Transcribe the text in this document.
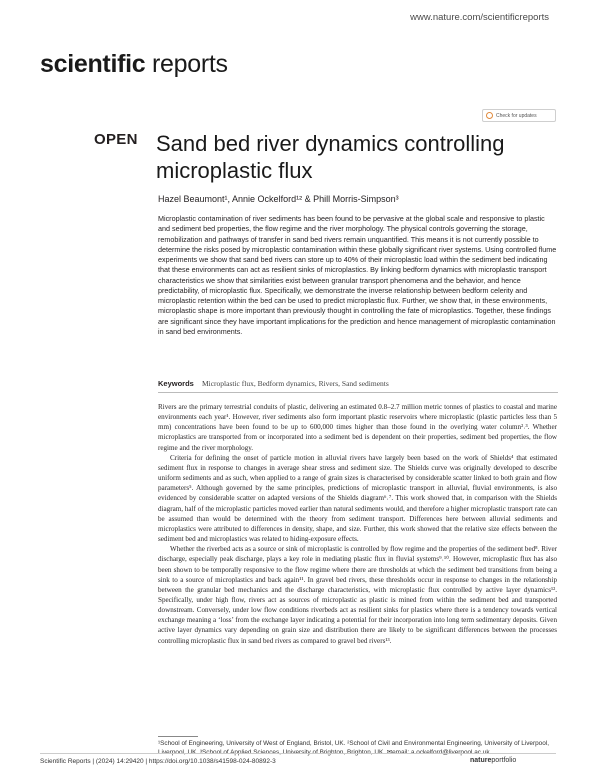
www.nature.com/scientificreports
scientific reports
Check for updates
OPEN Sand bed river dynamics controlling microplastic flux
Hazel Beaumont¹, Annie Ockelford¹² & Phill Morris-Simpson³
Microplastic contamination of river sediments has been found to be pervasive at the global scale and responsive to plastic and sediment bed properties, the flow regime and the river morphology. The physical controls governing the storage, remobilization and pathways of transfer in sand bed rivers remain unquantified. This means it is not currently possible to determine the risks posed by microplastic contamination within these globally significant river systems. Using controlled flume experiments we show that sand bed rivers can store up to 40% of their microplastic load within the sediment bed indicating that these environments can act as resilient sinks of microplastics. By linking bedform dynamics with microplastic transport characteristics we show that similarities exist between granular transport phenomena and the behavior, and hence predictability, of microplastic flux. Specifically, we demonstrate the inverse relationship between bedform celerity and microplastic retention within the bed can be used to predict microplastic flux. Further, we show that, in these environments, microplastic shape is more important than previously thought in controlling the fate of microplastics. Together, these findings are significant since they have important implications for the prediction and hence management of microplastic contamination in sand bed environments.
Keywords Microplastic flux, Bedform dynamics, Rivers, Sand sediments

Rivers are the primary terrestrial conduits of plastic, delivering an estimated 0.8–2.7 million metric tonnes of plastics to coastal and marine environments each year¹. However, river sediments also form important plastic reservoirs where microplastic (plastic particles less than 5 mm) concentrations have been found to be up to 600,000 times higher than those found in the overlying water column²˒³. Whether microplastics are transported from or incorporated into a sediment bed is dependent on their properties, sediment bed properties, the flow regime and the river morphology.

Criteria for defining the onset of particle motion in alluvial rivers have largely been based on the work of Shields⁴ that estimated sediment flux in response to changes in average shear stress and sediment size. The Shields curve was originally developed to describe uniform sediments and as such, when applied to a range of grain sizes is characterised by considerable scatter linked to both grain and flow parameters⁵. Although governed by the same principles, predictions of microplastic transport in alluvial, fluvial environments, is also evidenced by considerable scatter on adapted versions of the Shields diagram⁶˒⁷. This work showed that, in comparison with the Shields diagram, half of the microplastic particles moved earlier than natural sediments would, and therefore a higher microplastic transport rate can be assumed than would be determined with the theory from sediment transport. Differences here between alluvial sediments and microplastics were attributed to differences in density, shape, and size. Further, this work showed that the relative size effects between the sediment bed and microplastics was related to hiding-exposure effects.

Whether the riverbed acts as a source or sink of microplastic is controlled by flow regime and the properties of the sediment bed⁸. River discharge, especially peak discharge, plays a key role in mediating plastic flux in fluvial systems⁹˒¹⁰. However, microplastic flux has also been shown to be temporally responsive to the flow regime where there are thresholds at which the sediment bed transitions from being a sink to a source of microplastics and back again¹¹. In gravel bed rivers, these thresholds occur in response to changes in the relationship between the granular bed mechanics and the discharge characteristics, with microplastic flux controlled by active layer dynamics¹². Specifically, under high flow, rivers act as sources of microplastic as plastic is mined from within the sediment bed and transported downstream. Conversely, under low flow conditions riverbeds act as resilient sinks for plastics where there is a tendency towards vertical exchange meaning a ‘loss’ from the exchange layer indicating a potential for their incorporation into long term sedimentary deposits. Given active layer dynamics vary depending on grain size and distribution there are likely to be significant differences between the processes controlling microplastic flux in sand bed rivers as compared to gravel bed rivers¹³.

¹School of Engineering, University of West of England, Bristol, UK. ²School of Civil and Environmental Engineering, University of Liverpool, Liverpool, UK. ³School of Applied Sciences, University of Brighton, Brighton, UK. ✉email: a.ockelford@liverpool.ac.uk
Scientific Reports | (2024) 14:29420 | https://doi.org/10.1038/s41598-024-80892-3	natureportfolio
